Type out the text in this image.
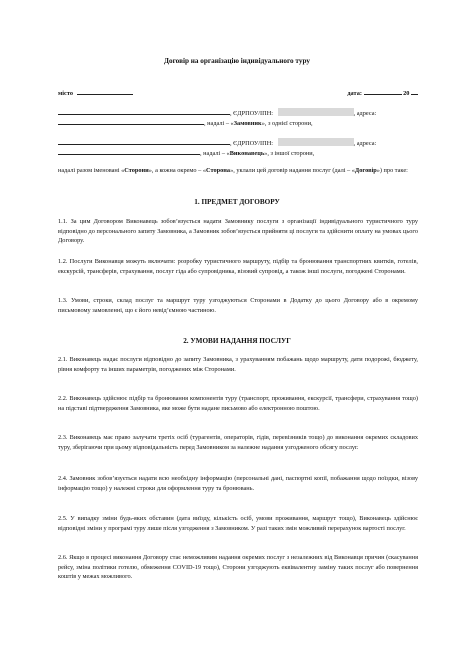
Договір на організацію індивідуального туру
місто	дата:	20
, ЄДРПОУ/ІПН:	, адреса:
, надалі – «Замовник», з однієї сторони,
, ЄДРПОУ/ІПН:	, адреса:
, надалі – «Виконавець», з іншої сторони,
надалі разом іменовані «Сторони», а кожна окремо – «Сторона», уклали цей договір надання послуг (далі – «Договір») про таке:
1. ПРЕДМЕТ ДОГОВОРУ
1.1. За цим Договором Виконавець зобов’язується надати Замовнику послуги з організації індивідуального туристичного туру відповідно до персонального запиту Замовника, а Замовник зобов’язується прийняти ці послуги та здійснити оплату на умовах цього Договору.
1.2. Послуги Виконавця можуть включати: розробку туристичного маршруту, підбір та бронювання транспортних квитків, готелів, екскурсій, трансферів, страхування, послуг гіда або супровідника, візовий супровід, а також інші послуги, погоджені Сторонами.
1.3. Умови, строки, склад послуг та маршрут туру узгоджуються Сторонами в Додатку до цього Договору або в окремому письмовому замовленні, що є його невід’ємною частиною.
2. УМОВИ НАДАННЯ ПОСЛУГ
2.1. Виконавець надає послуги відповідно до запиту Замовника, з урахуванням побажань щодо маршруту, дати подорожі, бюджету, рівня комфорту та інших параметрів, погоджених між Сторонами.
2.2. Виконавець здійснює підбір та бронювання компонентів туру (транспорт, проживання, екскурсії, трансфери, страхування тощо) на підставі підтвердження Замовника, яке може бути надане письмово або електронною поштою.
2.3. Виконавець має право залучати третіх осіб (турагентів, операторів, гідів, перевізників тощо) до виконання окремих складових туру, зберігаючи при цьому відповідальність перед Замовником за належне надання узгодженого обсягу послуг.
2.4. Замовник зобов’язується надати всю необхідну інформацію (персональні дані, паспортні копії, побажання щодо поїздки, візову інформацію тощо) у належні строки для оформлення туру та бронювань.
2.5. У випадку зміни будь-яких обставин (дата виїзду, кількість осіб, умови проживання, маршрут тощо), Виконавець здійснює відповідні зміни у програмі туру лише після узгодження з Замовником. У разі таких змін можливий перерахунок вартості послуг.
2.6. Якщо в процесі виконання Договору стає неможливим надання окремих послуг з незалежних від Виконавця причин (скасування рейсу, зміна політики готелю, обмеження COVID-19 тощо), Сторони узгоджують еквівалентну заміну таких послуг або повернення коштів у межах можливого.
